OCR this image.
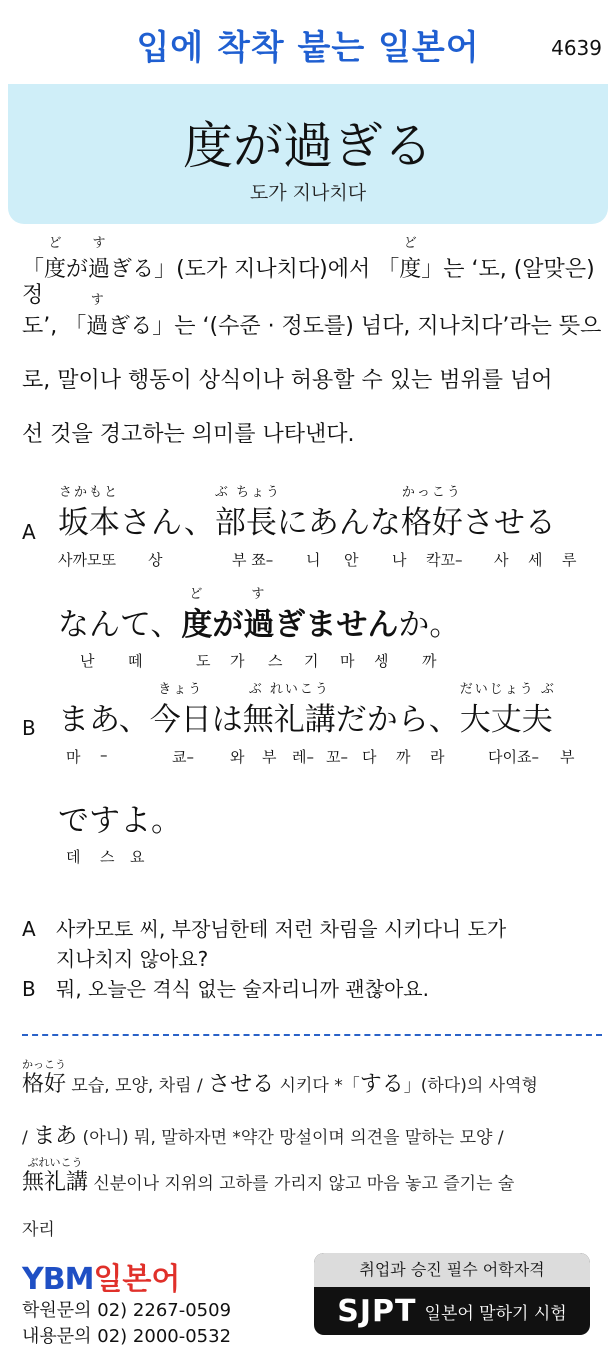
입에 착착 붙는 일본어	4639
度が過ぎる
도가 지나치다
「
ど
度が
す
過ぎる」(도가 지나치다)에서 「
ど
度」는 ‘도, (알맞은) 정
도’, 「
す
過ぎる」는 ‘(수준 · 정도를) 넘다, 지나치다’라는 뜻으
로, 말이나 행동이 상식이나 허용할 수 있는 범위를 넘어
선 것을 경고하는 의미를 나타낸다.
A
さかもと
坂本さん、
ぶ ちょう
部長にあんな
かっこう
格好させる
사까모또 상	부 쬬– 니 안 나 칵꼬– 사 세 루
なんて、
ど
度が
す
過ぎませんか。
난 떼	도 가 스 기 마 셍 까
B まあ、
きょう
今日は
ぶ れいこう
無礼講だから、
だいじょう ぶ
大丈夫
마 –	쿄– 와 부 레– 꼬– 다 까 라	다이죠– 부
ですよ。
데 스 요
A 사카모토 씨, 부장님한테 저런 차림을 시키다니 도가
지나치지 않아요?
B 뭐, 오늘은 격식 없는 술자리니까 괜찮아요.
かっこう
格好 모습, 모양, 차림 / させる 시키다 *「する」(하다)의 사역형
/ まあ (아니) 뭐, 말하자면 *약간 망설이며 의견을 말하는 모양 /
ぶれいこう
無礼講 신분이나 지위의 고하를 가리지 않고 마음 놓고 즐기는 술
자리
YBM일본어
학원문의 02) 2267-0509
내용문의 02) 2000-0532
취업과 승진 필수 어학자격
SJPT 일본어 말하기 시험
